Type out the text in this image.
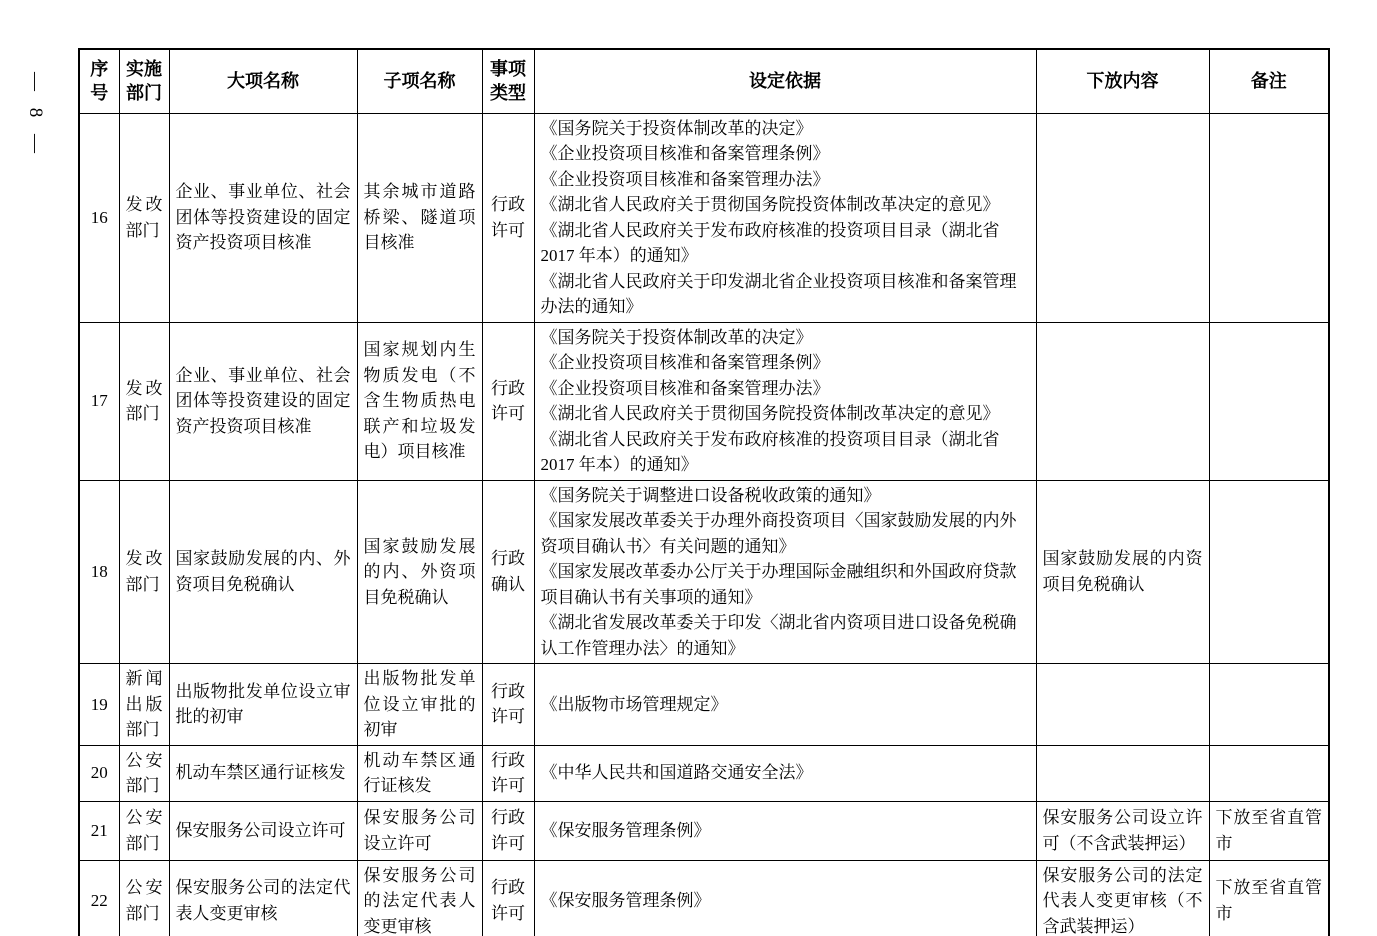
— 8 —
序号	实施部门	大项名称	子项名称	事项类型	设定依据	下放内容	备注
16	发改部门	企业、事业单位、社会团体等投资建设的固定资产投资项目核准	其余城市道路桥梁、隧道项目核准	行政许可	《国务院关于投资体制改革的决定》
《企业投资项目核准和备案管理条例》
《企业投资项目核准和备案管理办法》
《湖北省人民政府关于贯彻国务院投资体制改革决定的意见》
《湖北省人民政府关于发布政府核准的投资项目目录（湖北省 2017 年本）的通知》
《湖北省人民政府关于印发湖北省企业投资项目核准和备案管理办法的通知》		
17	发改部门	企业、事业单位、社会团体等投资建设的固定资产投资项目核准	国家规划内生物质发电（不含生物质热电联产和垃圾发电）项目核准	行政许可	《国务院关于投资体制改革的决定》
《企业投资项目核准和备案管理条例》
《企业投资项目核准和备案管理办法》
《湖北省人民政府关于贯彻国务院投资体制改革决定的意见》
《湖北省人民政府关于发布政府核准的投资项目目录（湖北省 2017 年本）的通知》		
18	发改部门	国家鼓励发展的内、外资项目免税确认	国家鼓励发展的内、外资项目免税确认	行政确认	《国务院关于调整进口设备税收政策的通知》
《国家发展改革委关于办理外商投资项目〈国家鼓励发展的内外资项目确认书〉有关问题的通知》
《国家发展改革委办公厅关于办理国际金融组织和外国政府贷款项目确认书有关事项的通知》
《湖北省发展改革委关于印发〈湖北省内资项目进口设备免税确认工作管理办法〉的通知》	国家鼓励发展的内资项目免税确认	
19	新闻出版部门	出版物批发单位设立审批的初审	出版物批发单位设立审批的初审	行政许可	《出版物市场管理规定》		
20	公安部门	机动车禁区通行证核发	机动车禁区通行证核发	行政许可	《中华人民共和国道路交通安全法》		
21	公安部门	保安服务公司设立许可	保安服务公司设立许可	行政许可	《保安服务管理条例》	保安服务公司设立许可（不含武装押运）	下放至省直管市
22	公安部门	保安服务公司的法定代表人变更审核	保安服务公司的法定代表人变更审核	行政许可	《保安服务管理条例》	保安服务公司的法定代表人变更审核（不含武装押运）	下放至省直管市
